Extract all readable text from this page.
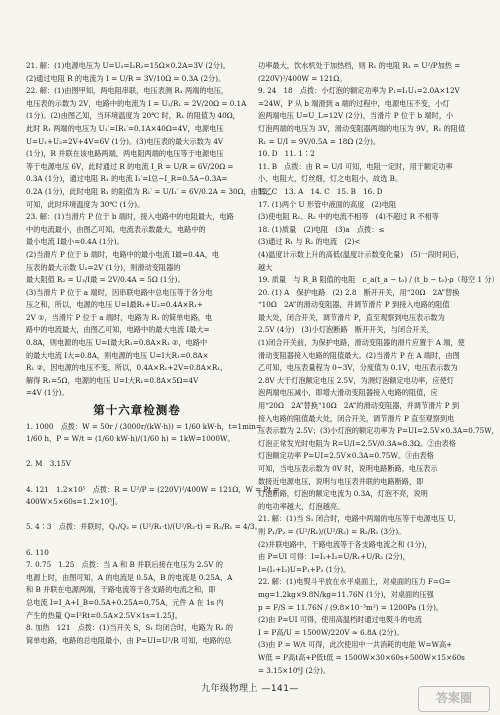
21. 解：(1)电源电压为 U=U₂=I₂R₂=15Ω×0.2A=3V (2分)。
(2)通过电阻 R 的电流为 I = U/R = 3V/10Ω = 0.3A (2分)。
22. 解：(1)由图甲知，两电阻串联，电压表测 R₁ 两端的电压，
电压表的示数为 2V，电路中的电流为 I = U₁/R₁ = 2V/20Ω = 0.1A
(1分)。(2)由图乙知，当环境温度为 20℃ 时，R₁ 的阻值为 40Ω，
此时 R₁ 两端的电压为 U₁′=IR₁′=0.1A×40Ω=4V，电源电压
U=U₁+U₂=2V+4V=6V (1分)。(3)电压表的最大示数为 4V
(1分)，R 并联在该电路两端，两电阻两端的电压等于电源电压
等于电源电压 6V，此时通过 R 的电流 I_R = U/R = 6V/20Ω =
0.3A (1分)，通过电阻 R₁ 的电流 I₁′=I总−I_R=0.5A−0.3A=
0.2A (1分)，此时电阻 R₁ 的阻值为 R₁′ = U/I₁′ = 6V/0.2A = 30Ω，由图乙
可知，此时环境温度为 30℃ (1分)。
23. 解：(1)当滑片 P 位于 b 端时，接入电路中的电阻最大，电路
中的电流最小，由图乙可知，电流表示数最大，电路中的
最小电流 I最小=0.4A (1分)。
(2)当滑片 P 位于 b 端时，电路中的最小电流 I最=0.4A，电
压表的最大示数 U₂=2V (1分)，则滑动变阻器的
最大阻值 R₂ = U₂/I最 = 2V/0.4A = 5Ω (1分)。
(3)当滑片 P 位于 a 端时，因串联电路中总电压等于各分电
压之和，所以，电源的电压 U=I最R₁+U₂=0.4A×R₁+
2V ①，当滑片 P 位于 a 端时，电路为 R₁ 的简单电路，电
路中的电流最大，由图乙可知，电路中的最大电流 I最大=
0.8A，则电源的电压 U=I最大R₁=0.8A×R₁ ②，电路中
的最大电流 I大=0.8A，则电源的电压 U=I大R₁=0.8A×
R₁ ②，因电源的电压不变，所以，0.4A×R₁+2V=0.8A×R₁，
解得 R₁=5Ω，电源的电压 U=I大R₁=0.8A×5Ω=4V
=4V (1分)。
第十六章检测卷
1. 1000　点拨：W = 50r / (3000r/(kW·h)) = 1/60 kW·h，t=1min=
1/60 h，P = W/t = (1/60 kW·h)/(1/60 h) = 1kW=1000W。

2. M　3.15V

4. 121　1.2×10⁵　点拨：R = U²/P = (220V)²/400W = 121Ω，W = Pt =
400W×5×60s=1.2×10⁵J。

5. 4∶3　点拨：并联时，Q₁/Q₂ = (U²/R₁·t)/(U²/R₂·t) = R₂/R₁ = 4/3。

6. 110
7. 0.75　1.25　点拨：当 A 和 B 并联后接在电压为 2.5V 的
电源上时，由图可知，A 的电流是 0.5A，B 的电流是 0.25A，A
和 B 并联在电源两端，干路电流等于各支路的电流之和，即
总电流 I=I_A+I_B=0.5A+0.25A=0.75A，元件 A 在 1s 内
产生的热量 Q=I²Rt=0.5A×2.5V×1s=1.25J。
8. 加热　121　点拨：(1)当开关 S，S₁ 均闭合时，电路为 R₁ 的
简单电路，电路的总电阻最小，由 P=UI=U²/R 可知，电路的总
功率最大，饮水机处于加热档，则 R₁ 的电阻 R₁ = U²/P加热 =
(220V)²/400W = 121Ω。
9. 24　18　点拨：小灯泡的额定功率为 P₁=I₁U₁=2.0A×12V
=24W，P 从 b 端滑到 a 端的过程中，电源电压不变，小灯
泡两端电压 U=U_L=12V (2分)，当滑片 P 位于 b 端时，小
灯泡两端的电压为 3V，滑动变阻器两端的电压为 9V，R₁ 的阻值
R₁ = U/I = 9V/0.5A = 18Ω (2分)。
10. D　11. 1∶2
11. B　点拨：由 R = U/I 可知，电阻一定时，用于额定功率
小、电阻大，灯丝细，灯之电阻小，故选 B。
12. C　13. A　14. C　15. B　16. D
17. (1)两个 U 形管中液面的高度　(2)电阻
(3)使电阻 R₁、R₂ 中的电流不相等　(4)不超过 R 不相等
18. (1)质量　(2)电阻　(3)a　点拨：≤
(3)通过 R₁ 与 R₂ 的电流　(2)<
(4)温度计示数上升的高低(温度计示数变化量)　(5)一段时间后，
越大
19. 质量　与 R_B 阻值的电阻　c_a(t_a − t₀) / (t_b − t₀)·ρ（每空 1 分）
20. (1) A　保护电路　(2) 2.8　断开开关，用“20Ω　2A”替换
“10Ω　2A”的滑动变阻器，并调节滑片 P 到接入电路的阻值
最大处，闭合开关，调节滑片 P，直至观察到电压表示数为
2.5V (4分)　(3)小灯泡断路　断开开关，与闭合开关，
(1)闭合开关前，为保护电路，滑动变阻器的滑片应置于 A 端，使
滑动变阻器接入电路的阻值最大。(2)当滑片 P 在 A 端时，由图
乙可知，电压表量程为 0~3V，分度值为 0.1V，电压表示数为
2.8V 大于灯泡额定电压 2.5V，为测灯泡额定电功率，应使灯
泡两端电压减小，即增大滑动变阻器接入电路的阻值，应
用“20Ω　2A”替换“10Ω　2A”的滑动变阻器，并调节滑片 P 到
接入电路的阻值最大处，闭合开关，调节滑片 P 直至观察到电
压表示数为 2.5V；(3)小灯泡的额定功率为 P=UI=2.5V×0.3A=0.75W，
灯泡正常发光时电阻为 R=U/I=2.5V/0.3A≈8.3Ω。②由表格
灯泡额定功率 P=UI=2.5V×0.3A=0.75W。③由表格
可知，当电压表示数为 0V 时，说明电路断路，电压表示
数接近电源电压，说明与电压表并联的电路断路，即
灯泡断路，灯泡的额定电流为 0.3A，灯泡不亮，说明
的电功率越大，灯泡越亮。
21. 解：(1)当 S₁ 闭合时，电路中两端的电压等于电源电压 U，
则 P₁/P₂ = (U²/R₁)/(U²/R₂) = R₂/R₁ (3分)。
(2)并联电路中，干路电流等于各支路电流之和 (1分)，
由 P=UI 可得：I=I₁+I₂=U/R₁+U/R₂ (2分)，
I=(I₁+I₂)U=P₁+P₂ (1分)。
22. 解：(1)电熨斗平放在水平桌面上，对桌面的压力 F=G=
mg=1.2kg×9.8N/kg=11.76N (1分)，对桌面的压强
p = F/S = 11.76N / (9.8×10⁻³m²) = 1200Pa (1分)。
(2)由 P=UI 可得，使用高温档时通过电熨斗的电流
I = P高/U = 1500W/220V ≈ 6.8A (2分)。
(3)由 P = W/t 可得，此次使用中一共消耗的电能 W=W高+
W低 = P高t高+P低t低 = 1500W×30×60s+500W×15×60s
= 3.15×10⁶J (2分)。
九年级物理上 —141—
答案圈
